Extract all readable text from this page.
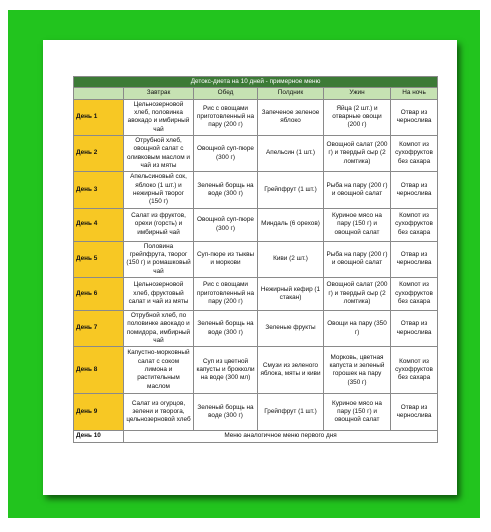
Детокс-диета на 10 дней - примерное меню					
	Завтрак	Обед	Полдник	Ужин	На ночь
День 1	Цельнозерновой хлеб, половинка авокадо и имбирный чай	Рис с овощами приготовленный на пару (200 г)	Запеченое зеленое яблоко	Яйца (2 шт.) и отварные овощи (200 г)	Отвар из чернослива
День 2	Отрубной хлеб, овощной салат с оливковым маслом и чай из мяты	Овощной суп-пюре (300 г)	Апельсин (1 шт.)	Овощной салат (200 г) и твердый сыр (2 ломтика)	Компот из сухофруктов без сахара
День 3	Апельсиновый сок, яблоко (1 шт.) и нежирный творог (150 г)	Зеленый борщь на воде (300 г)	Грейпфрут (1 шт.)	Рыба на пару (200 г) и овощной салат	Отвар из чернослива
День 4	Салат из фруктов, орехи (горсть) и имбирный чай	Овощной суп-пюре (300 г)	Миндаль (6 орехов)	Куриное мясо на пару (150 г) и овощной салат	Компот из сухофруктов без сахара
День 5	Половина грейпфрута, творог (150 г) и ромашковый чай	Суп-пюре из тыквы и моркови	Киви (2 шт.)	Рыба на пару (200 г) и овощной салат	Отвар из чернослива
День 6	Цельнозерновой хлеб, фруктовый салат и чай из мяты	Рис с овощами приготовленный на пару (200 г)	Нежирный кефир (1 стакан)	Овощной салат (200 г) и твердый сыр (2 ломтика)	Компот из сухофруктов без сахара
День 7	Отрубной хлеб, по половинке авокадо и помидора, имбирный чай	Зеленый борщь на воде (300 г)	Зеленые фрукты	Овощи на пару (350 г)	Отвар из чернослива
День 8	Капустно-морковный салат с соком лимона и растительным маслом	Суп из цветной капусты и брокколи на воде (300 мл)	Смузи из зеленого яблока, мяты и киви	Морковь, цветная капуста и зеленый горошек на пару (350 г)	Компот из сухофруктов без сахара
День 9	Салат из огурцов, зелени и творога, цельнозерновой хлеб	Зеленый борщь на воде (300 г)	Грейпфрут (1 шт.)	Куриное мясо на пару (150 г) и овощной салат	Отвар из чернослива
День 10	Меню аналогичное меню первого дня				
